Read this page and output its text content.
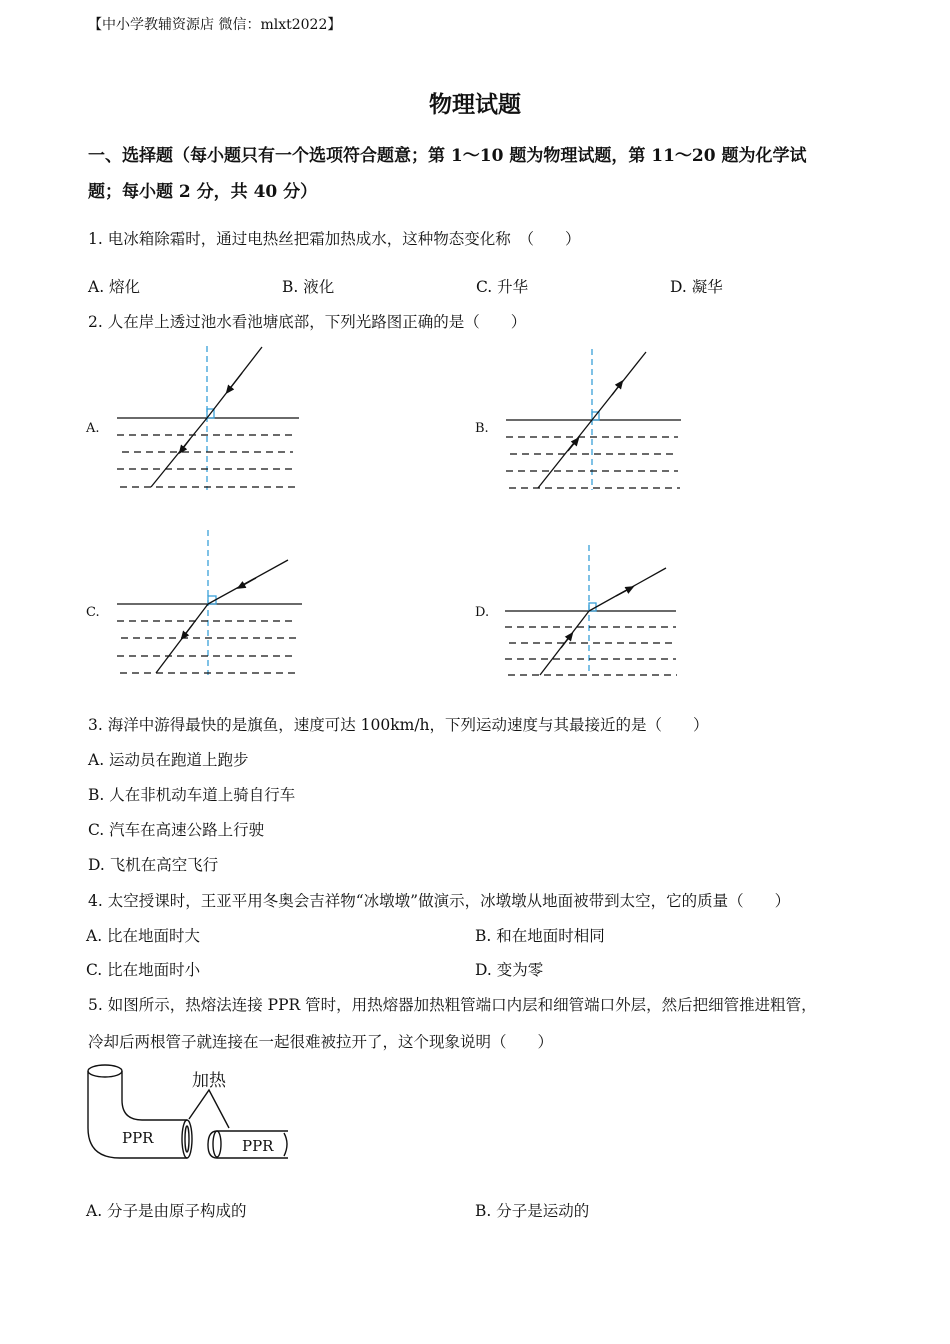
【中小学教辅资源店 微信：mlxt2022】
物理试题
一、选择题（每小题只有一个选项符合题意；第 1～10 题为物理试题，第 11～20 题为化学试
题；每小题 2 分，共 40 分）
1. 电冰箱除霜时，通过电热丝把霜加热成水，这种物态变化称　（　　）
A. 熔化	B. 液化	C. 升华	D. 凝华
2. 人在岸上透过池水看池塘底部，下列光路图正确的是（　　）
A.	B.
C.	D.
加热
PPR	PPR
3. 海洋中游得最快的是旗鱼，速度可达 100km/h，下列运动速度与其最接近的是（　　）
A. 运动员在跑道上跑步
B. 人在非机动车道上骑自行车
C. 汽车在高速公路上行驶
D. 飞机在高空飞行
4. 太空授课时，王亚平用冬奥会吉祥物“冰墩墩”做演示，冰墩墩从地面被带到太空，它的质量（　　）
A. 比在地面时大	B. 和在地面时相同
C. 比在地面时小	D. 变为零
5. 如图所示，热熔法连接 PPR 管时，用热熔器加热粗管端口内层和细管端口外层，然后把细管推进粗管，
冷却后两根管子就连接在一起很难被拉开了，这个现象说明（　　）
A. 分子是由原子构成的	B. 分子是运动的
